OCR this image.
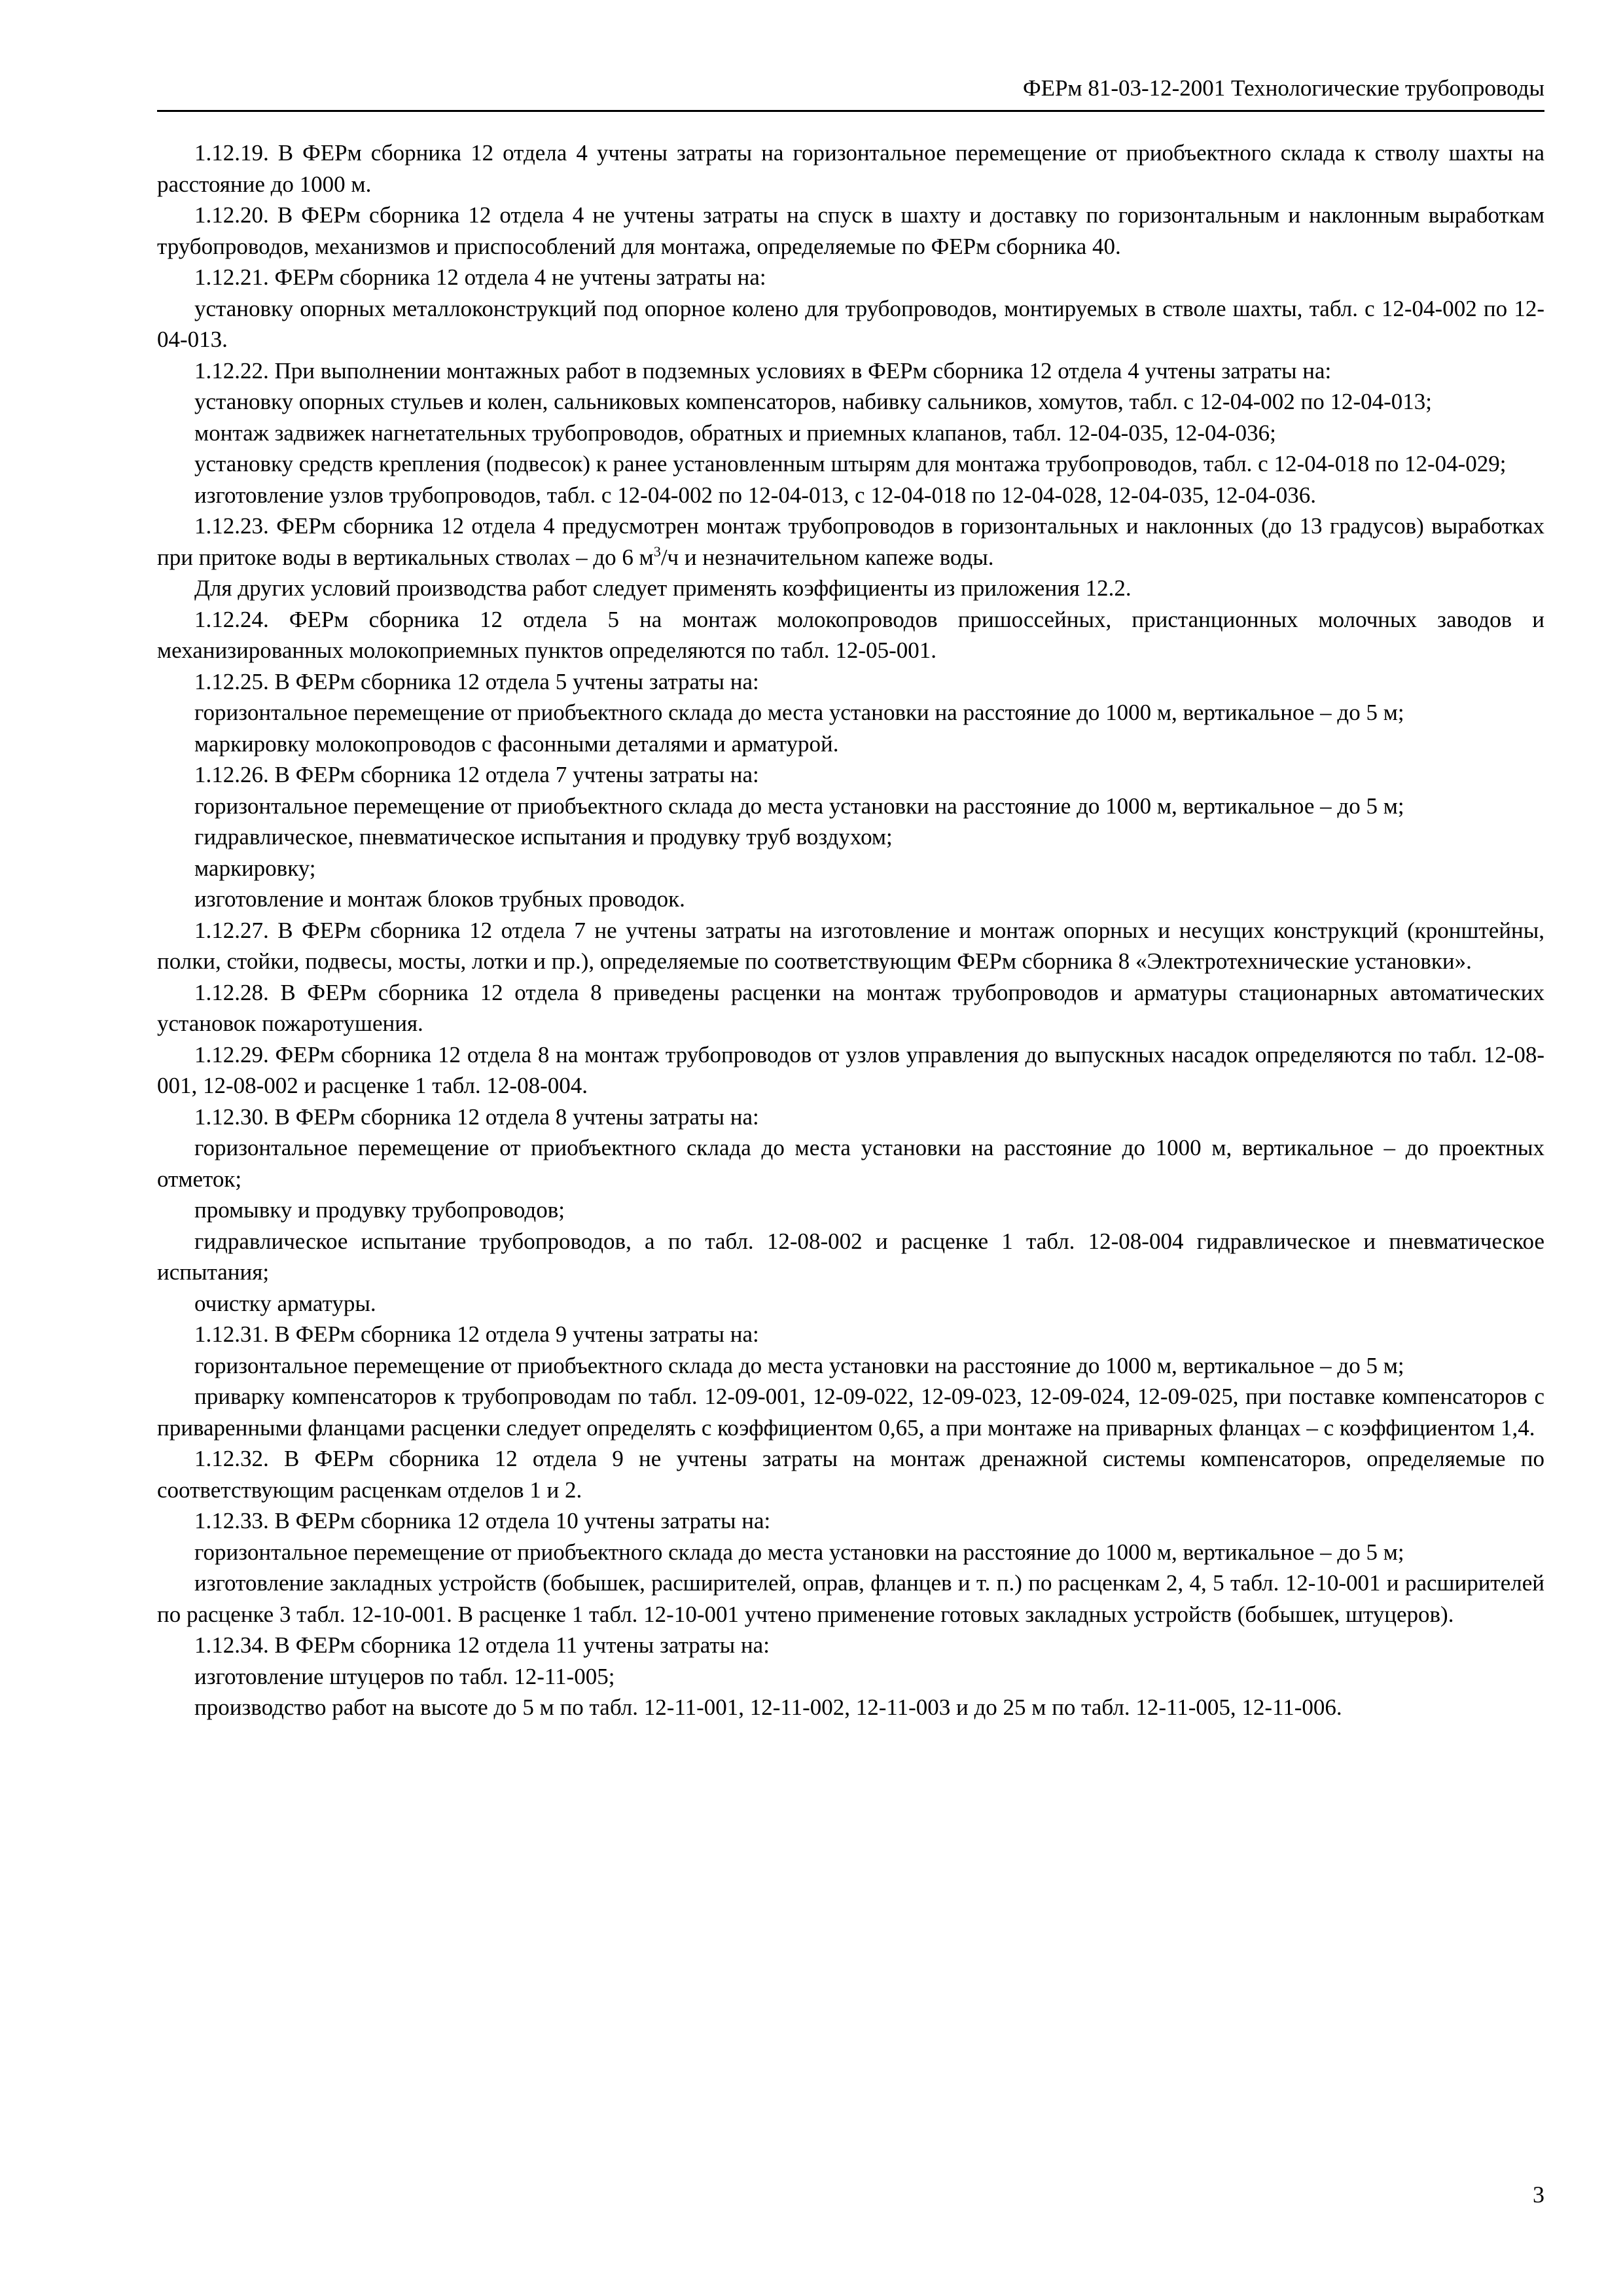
ФЕРм 81-03-12-2001 Технологические трубопроводы

1.12.19. В ФЕРм сборника 12 отдела 4 учтены затраты на горизонтальное перемещение от приобъектного склада к стволу шахты на расстояние до 1000 м.

1.12.20. В ФЕРм сборника 12 отдела 4 не учтены затраты на спуск в шахту и доставку по горизонтальным и наклонным выработкам трубопроводов, механизмов и приспособлений для монтажа, определяемые по ФЕРм сборника 40.

1.12.21. ФЕРм сборника 12 отдела 4 не учтены затраты на:

установку опорных металлоконструкций под опорное колено для трубопроводов, монтируемых в стволе шахты, табл. с 12-04-002 по 12-04-013.

1.12.22. При выполнении монтажных работ в подземных условиях в ФЕРм сборника 12 отдела 4 учтены затраты на:

установку опорных стульев и колен, сальниковых компенсаторов, набивку сальников, хомутов, табл. с 12-04-002 по 12-04-013;

монтаж задвижек нагнетательных трубопроводов, обратных и приемных клапанов, табл. 12-04-035, 12-04-036;

установку средств крепления (подвесок) к ранее установленным штырям для монтажа трубопроводов, табл. с 12-04-018 по 12-04-029;

изготовление узлов трубопроводов, табл. с 12-04-002 по 12-04-013, с 12-04-018 по 12-04-028, 12-04-035, 12-04-036.

1.12.23. ФЕРм сборника 12 отдела 4 предусмотрен монтаж трубопроводов в горизонтальных и наклонных (до 13 градусов) выработках при притоке воды в вертикальных стволах – до 6 $м^3/ч$ и незначительном капеже воды.

Для других условий производства работ следует применять коэффициенты из приложения 12.2.

1.12.24. ФЕРм сборника 12 отдела 5 на монтаж молокопроводов пришоссейных, пристанционных молочных заводов и механизированных молокоприемных пунктов определяются по табл. 12-05-001.

1.12.25. В ФЕРм сборника 12 отдела 5 учтены затраты на:

горизонтальное перемещение от приобъектного склада до места установки на расстояние до 1000 м, вертикальное – до 5 м;

маркировку молокопроводов с фасонными деталями и арматурой.

1.12.26. В ФЕРм сборника 12 отдела 7 учтены затраты на:

горизонтальное перемещение от приобъектного склада до места установки на расстояние до 1000 м, вертикальное – до 5 м;

гидравлическое, пневматическое испытания и продувку труб воздухом;

маркировку;

изготовление и монтаж блоков трубных проводок.

1.12.27. В ФЕРм сборника 12 отдела 7 не учтены затраты на изготовление и монтаж опорных и несущих конструкций (кронштейны, полки, стойки, подвесы, мосты, лотки и пр.), определяемые по соответствующим ФЕРм сборника 8 «Электротехнические установки».

1.12.28. В ФЕРм сборника 12 отдела 8 приведены расценки на монтаж трубопроводов и арматуры стационарных автоматических установок пожаротушения.

1.12.29. ФЕРм сборника 12 отдела 8 на монтаж трубопроводов от узлов управления до выпускных насадок определяются по табл. 12-08-001, 12-08-002 и расценке 1 табл. 12-08-004.

1.12.30. В ФЕРм сборника 12 отдела 8 учтены затраты на:

горизонтальное перемещение от приобъектного склада до места установки на расстояние до 1000 м, вертикальное – до проектных отметок;

промывку и продувку трубопроводов;

гидравлическое испытание трубопроводов, а по табл. 12-08-002 и расценке 1 табл. 12-08-004 гидравлическое и пневматическое испытания;

очистку арматуры.

1.12.31. В ФЕРм сборника 12 отдела 9 учтены затраты на:

горизонтальное перемещение от приобъектного склада до места установки на расстояние до 1000 м, вертикальное – до 5 м;

приварку компенсаторов к трубопроводам по табл. 12-09-001, 12-09-022, 12-09-023, 12-09-024, 12-09-025, при поставке компенсаторов с приваренными фланцами расценки следует определять с коэффициентом 0,65, а при монтаже на приварных фланцах – с коэффициентом 1,4.

1.12.32. В ФЕРм сборника 12 отдела 9 не учтены затраты на монтаж дренажной системы компенсаторов, определяемые по соответствующим расценкам отделов 1 и 2.

1.12.33. В ФЕРм сборника 12 отдела 10 учтены затраты на:

горизонтальное перемещение от приобъектного склада до места установки на расстояние до 1000 м, вертикальное – до 5 м;

изготовление закладных устройств (бобышек, расширителей, оправ, фланцев и т. п.) по расценкам 2, 4, 5 табл. 12-10-001 и расширителей по расценке 3 табл. 12-10-001. В расценке 1 табл. 12-10-001 учтено применение готовых закладных устройств (бобышек, штуцеров).

1.12.34. В ФЕРм сборника 12 отдела 11 учтены затраты на:

изготовление штуцеров по табл. 12-11-005;

производство работ на высоте до 5 м по табл. 12-11-001, 12-11-002, 12-11-003 и до 25 м по табл. 12-11-005, 12-11-006.

3
